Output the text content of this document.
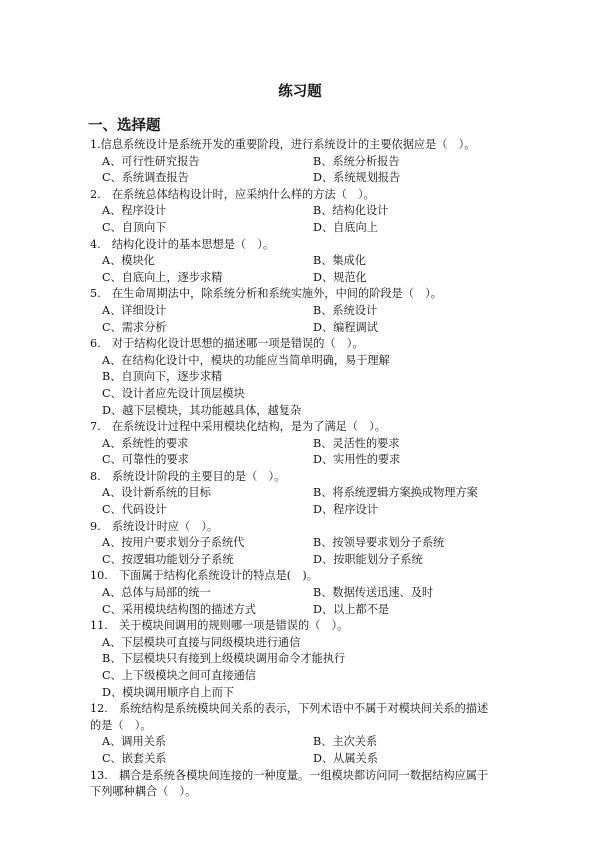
练习题
一、选择题
1.信息系统设计是系统开发的重要阶段，进行系统设计的主要依据应是（　）。
A、可行性研究报告	B、系统分析报告
C、系统调查报告	D、系统规划报告
2.　在系统总体结构设计时，应采纳什么样的方法（　）。
A、程序设计	B、结构化设计
C、自顶向下	D、自底向上
4.　结构化设计的基本思想是（　）。
A、模块化	B、集成化
C、自底向上，逐步求精	D、规范化
5.　在生命周期法中，除系统分析和系统实施外，中间的阶段是（　）。
A、详细设计	B、系统设计
C、需求分析	D、编程调试
6.　对于结构化设计思想的描述哪一项是错误的（　）。
A、在结构化设计中，模块的功能应当简单明确，易于理解
B、自顶向下，逐步求精
C、设计者应先设计顶层模块
D、越下层模块，其功能越具体，越复杂
7.　在系统设计过程中采用模块化结构，是为了满足（　）。
A、系统性的要求	B、灵活性的要求
C、可靠性的要求	D、实用性的要求
8.　系统设计阶段的主要目的是（　）。
A、设计新系统的目标	B、将系统逻辑方案换成物理方案
C、代码设计	D、程序设计
9.　系统设计时应（　）。
A、按用户要求划分子系统代	B、按领导要求划分子系统
C、按逻辑功能划分子系统	D、按职能划分子系统
10.　下面属于结构化系统设计的特点是(　)。
A、总体与局部的统一	B、数据传送迅速、及时
C、采用模块结构图的描述方式	D、以上都不是
11.　关于模块间调用的规则哪一项是错误的（　）。
A、下层模块可直接与同级模块进行通信
B、下层模块只有接到上级模块调用命令才能执行
C、上下级模块之间可直接通信
D、模块调用顺序自上而下
12.　系统结构是系统模块间关系的表示，下列术语中不属于对模块间关系的描述
的是（　）。
A、调用关系	B、主次关系
C、嵌套关系	D、从属关系
13.　耦合是系统各模块间连接的一种度量。一组模块都访问同一数据结构应属于
下列哪种耦合（　）。
